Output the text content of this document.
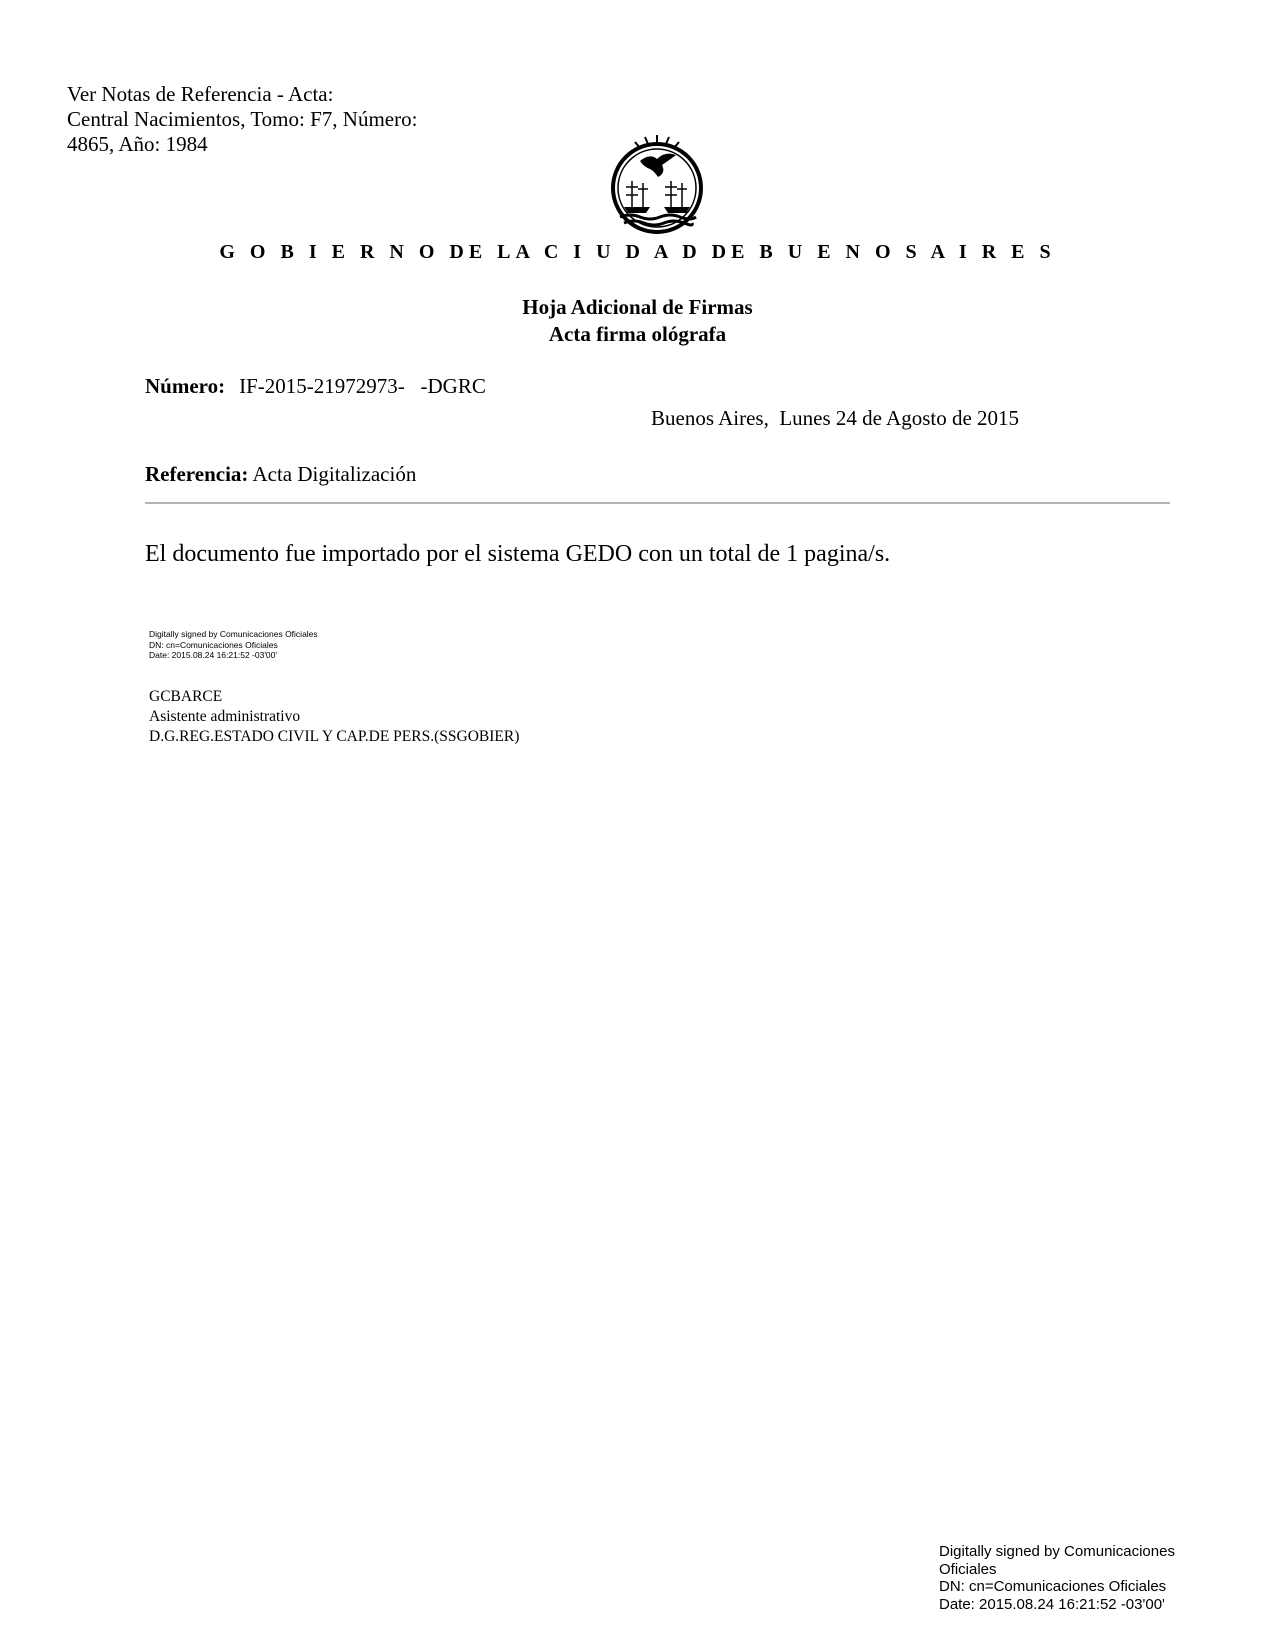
Ver Notas de Referencia - Acta:
Central Nacimientos, Tomo: F7, Número:
4865, Año: 1984
G O B I E R N O DE LA C I U D A D DE B U E N O S A I R E S
Hoja Adicional de Firmas
Acta firma ológrafa
Número: IF-2015-21972973-   -DGRC
Buenos Aires,  Lunes 24 de Agosto de 2015
Referencia: Acta Digitalización
El documento fue importado por el sistema GEDO con un total de 1 pagina/s.
Digitally signed by Comunicaciones Oficiales
DN: cn=Comunicaciones Oficiales
Date: 2015.08.24 16:21:52 -03'00'
GCBARCE
Asistente administrativo
D.G.REG.ESTADO CIVIL Y CAP.DE PERS.(SSGOBIER)
Digitally signed by Comunicaciones
Oficiales
DN: cn=Comunicaciones Oficiales
Date: 2015.08.24 16:21:52 -03'00'
